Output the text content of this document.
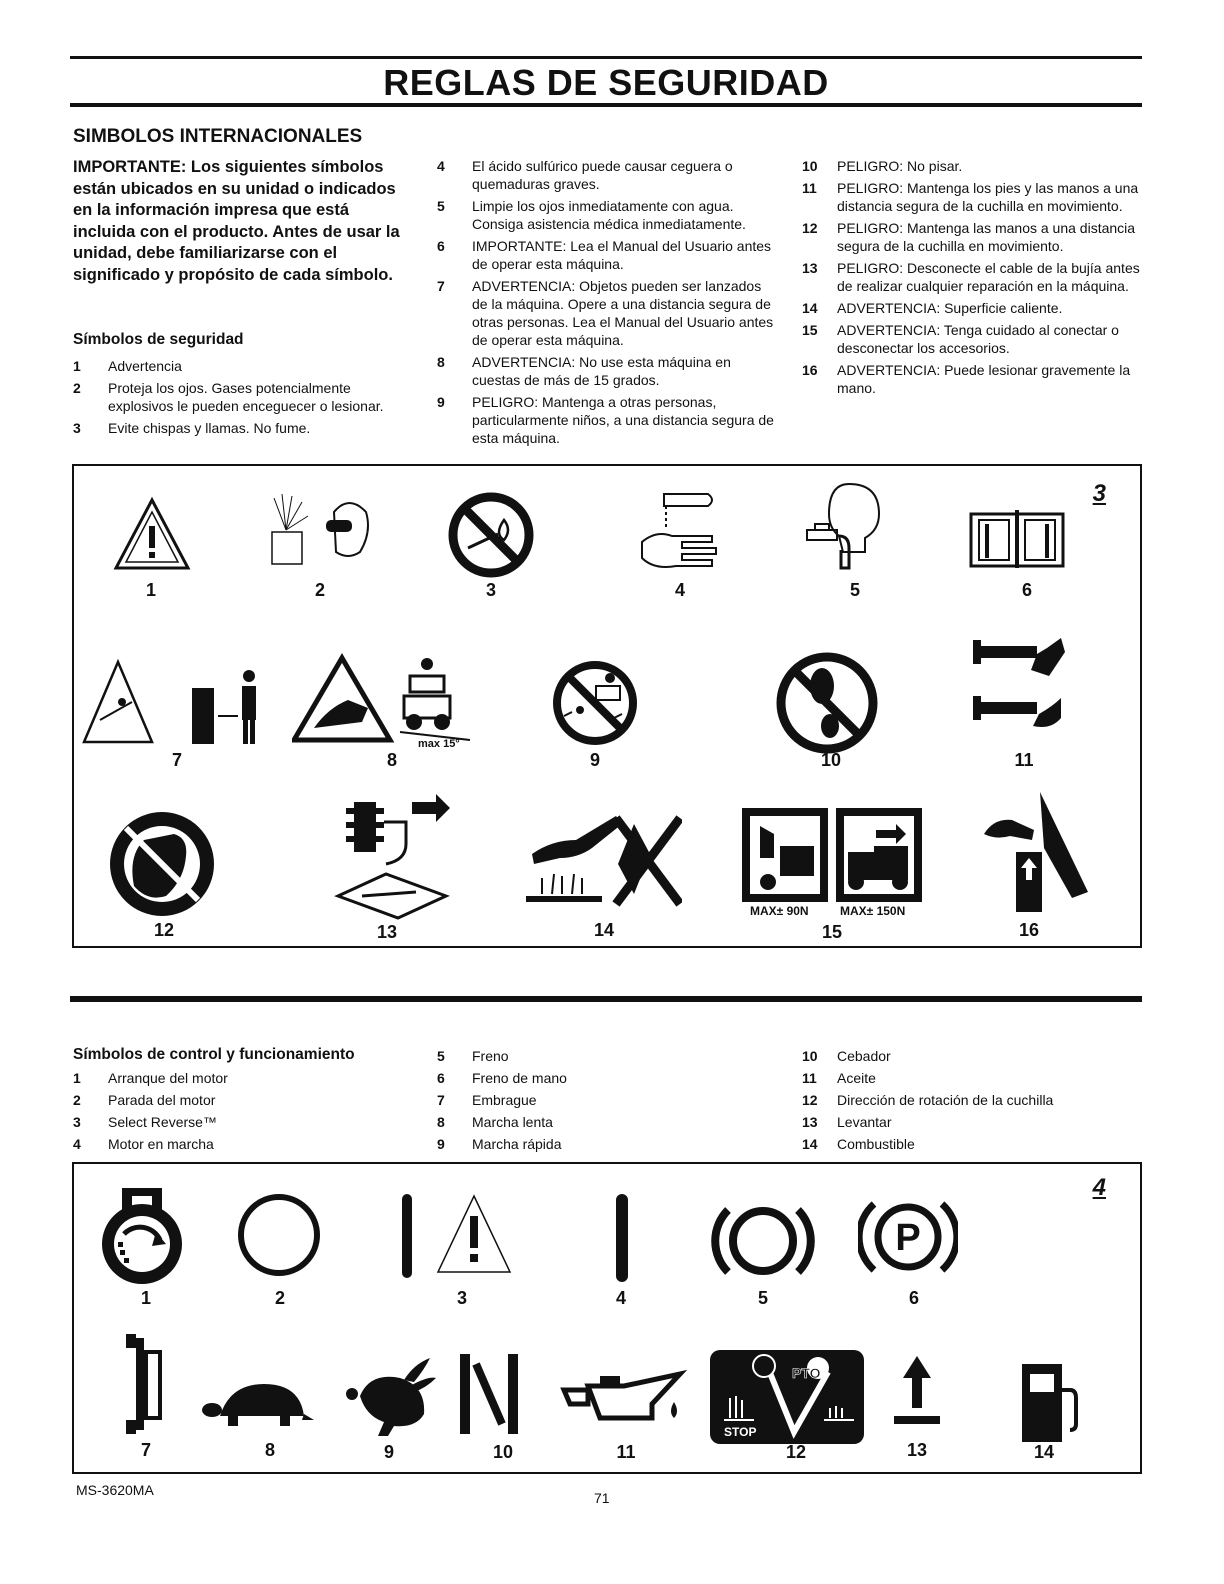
REGLAS DE SEGURIDAD
SIMBOLOS INTERNACIONALES
IMPORTANTE: Los siguientes símbolos están ubicados en su unidad o indicados en la información impresa que está incluida con el producto. Antes de usar la unidad, debe familiarizarse con el significado y propósito de cada símbolo.
Símbolos de seguridad
1	Advertencia
2	Proteja los ojos. Gases potencialmente explosivos le pueden enceguecer o lesionar.
3	Evite chispas y llamas. No fume.
4	El ácido sulfúrico puede causar ceguera o quemaduras graves.
5	Limpie los ojos inmediatamente con agua. Consiga asistencia médica inmediatamente.
6	IMPORTANTE: Lea el Manual del Usuario antes de operar esta máquina.
7	ADVERTENCIA: Objetos pueden ser lanzados de la máquina. Opere a una distancia segura de otras personas. Lea el Manual del Usuario antes de operar esta máquina.
8	ADVERTENCIA: No use esta máquina en cuestas de más de 15 grados.
9	PELIGRO: Mantenga a otras personas, particularmente niños, a una distancia segura de esta máquina.
10	PELIGRO: No pisar.
11	PELIGRO: Mantenga los pies y las manos a una distancia segura de la cuchilla en movimiento.
12	PELIGRO: Mantenga las manos a una distancia segura de la cuchilla en movimiento.
13	PELIGRO: Desconecte el cable de la bujía antes de realizar cualquier reparación en la máquina.
14	ADVERTENCIA: Superficie caliente.
15	ADVERTENCIA: Tenga cuidado al conectar o desconectar los accesorios.
16	ADVERTENCIA: Puede lesionar gravemente la mano.
3
1	2	3	4	5	6
max 15°
7	8	9	10	11
MAX± 90N	MAX± 150N
12	13	14	15	16
Símbolos de control y funcionamiento
1	Arranque del motor
2	Parada del motor
3	Select Reverse™
4	Motor en marcha
5	Freno
6	Freno de mano
7	Embrague
8	Marcha lenta
9	Marcha rápida
10	Cebador
11	Aceite
12	Dirección de rotación de la cuchilla
13	Levantar
14	Combustible
4
P
1	2	3	4	5	6
PTO
STOP
7	8	9	10	11	12	13	14
MS-3620MA	71
